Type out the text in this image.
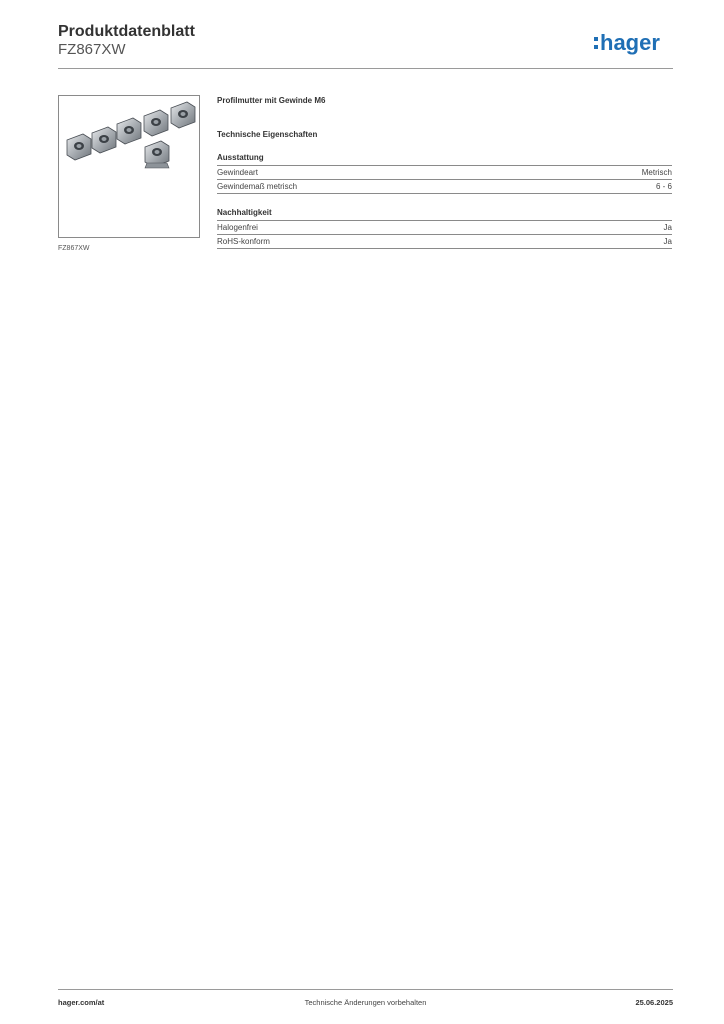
Produktdatenblatt
FZ867XW	hager
FZ867XW
Profilmutter mit Gewinde M6
Technische Eigenschaften
Ausstattung
Gewindeart	Metrisch
Gewindemaß metrisch	6 - 6
Nachhaltigkeit
Halogenfrei	Ja
RoHS-konform	Ja
Technische Änderungen vorbehalten
hager.com/at	25.06.2025
